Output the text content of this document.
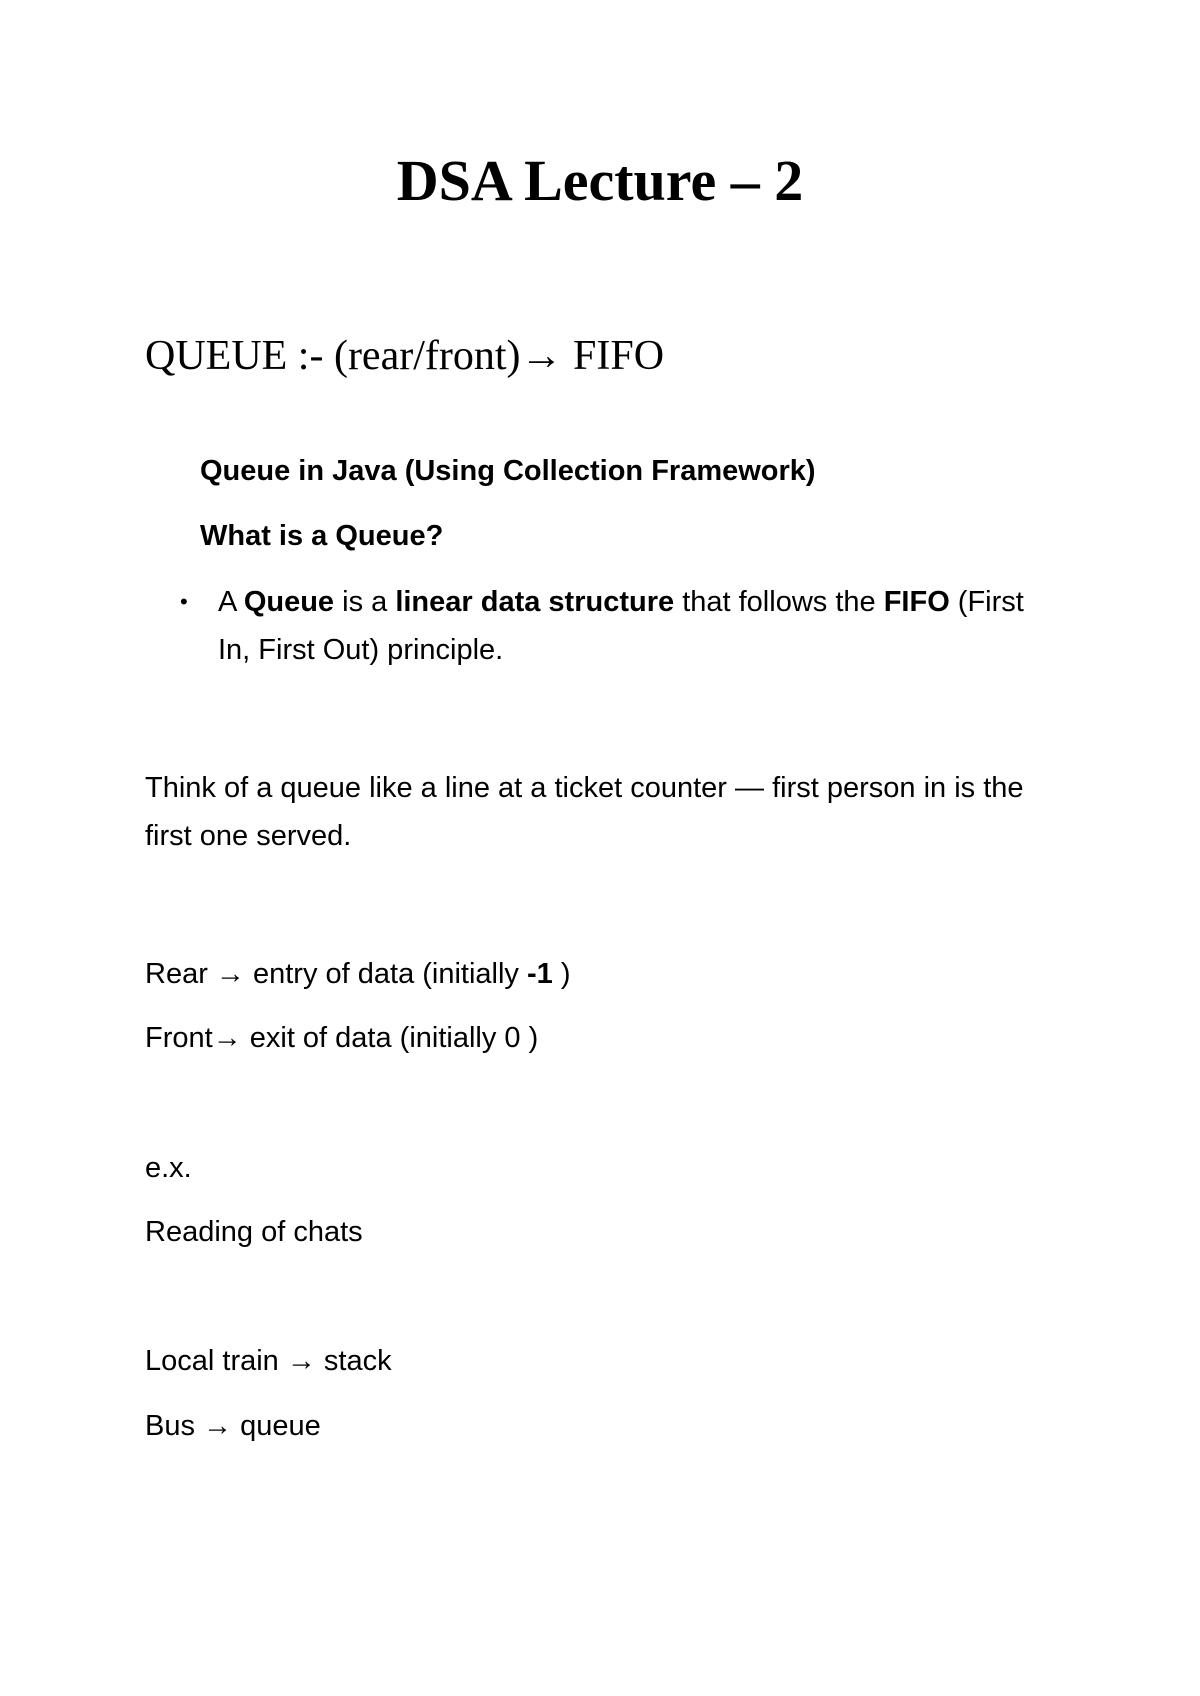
DSA Lecture – 2
QUEUE :- (rear/front)→ FIFO
Queue in Java (Using Collection Framework)
What is a Queue?
• A Queue is a linear data structure that follows the FIFO (First In, First Out) principle.
Think of a queue like a line at a ticket counter — first person in is the first one served.
Rear → entry of data (initially -1 )
Front→ exit of data (initially 0 )
e.x.
Reading of chats
Local train → stack
Bus → queue
